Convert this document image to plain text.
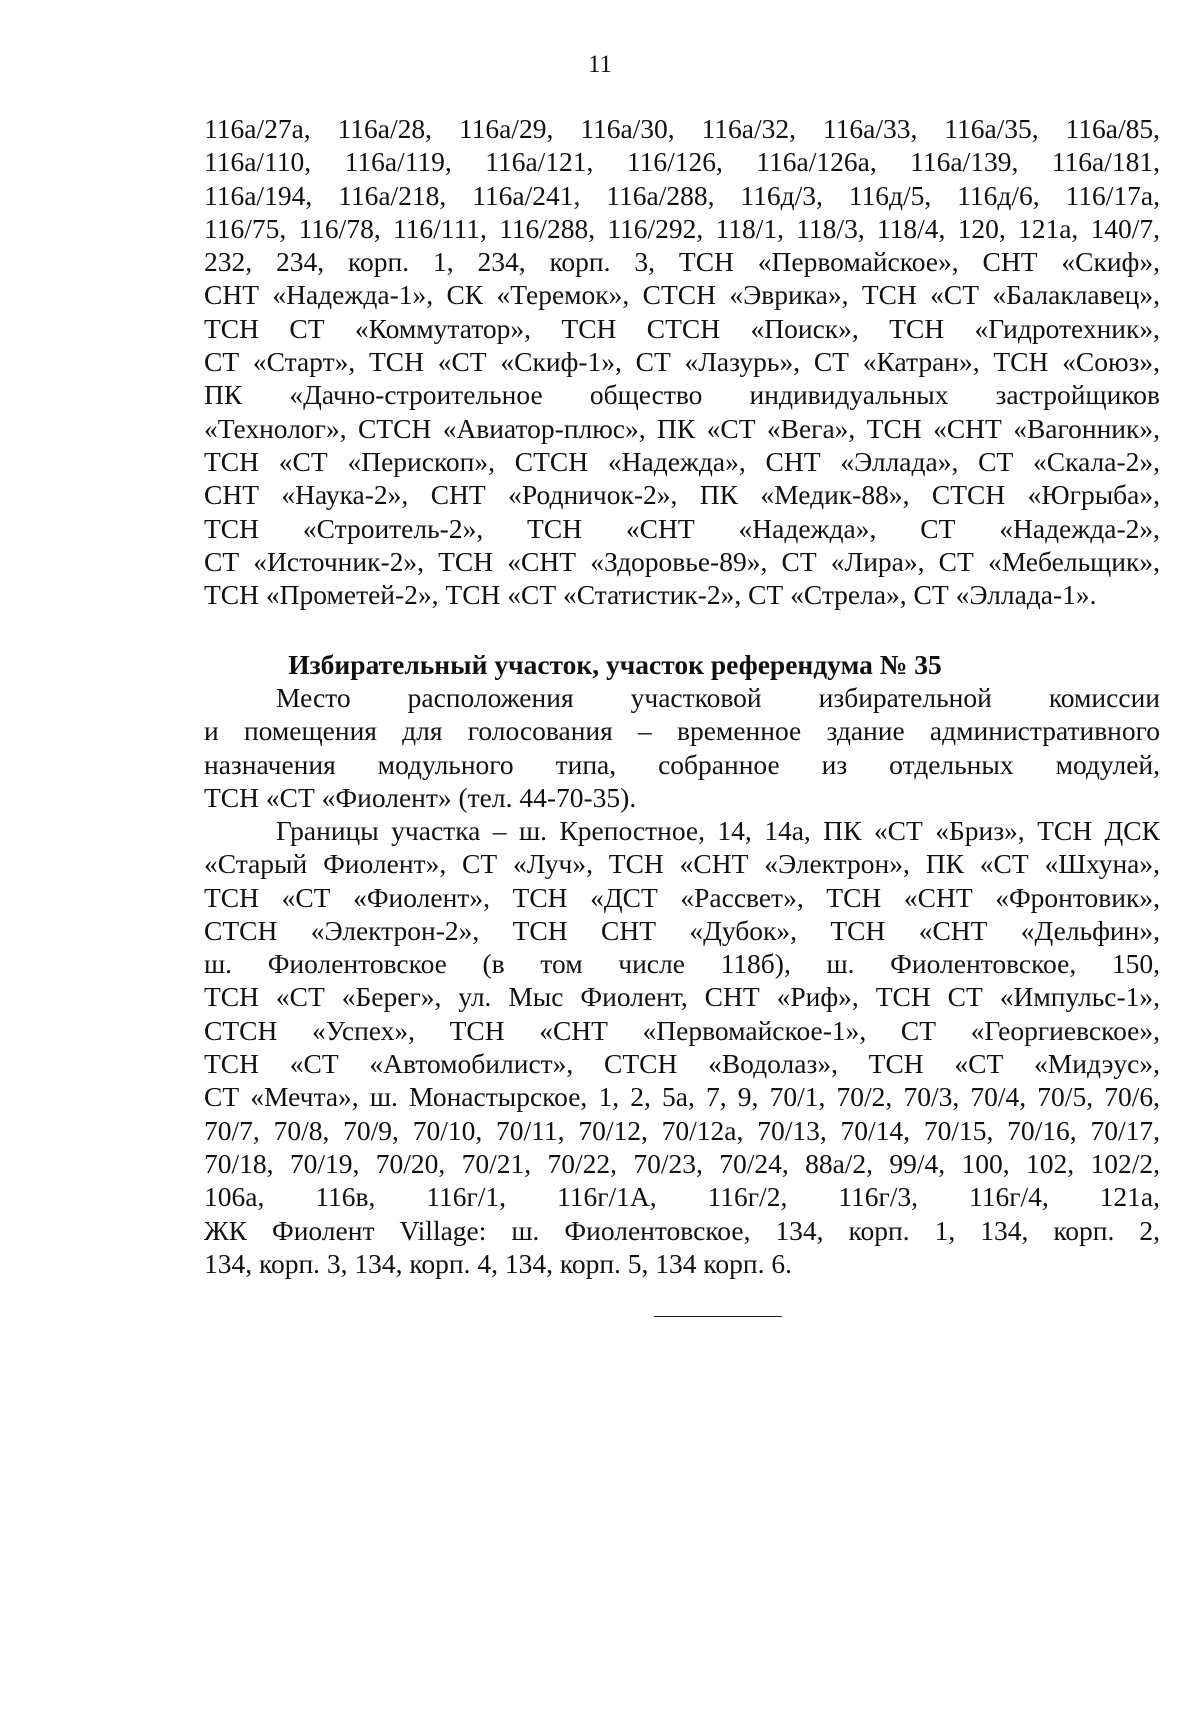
11
116а/27а, 116а/28, 116а/29, 116а/30, 116а/32, 116а/33, 116а/35, 116а/85,
116а/110, 116а/119, 116а/121, 116/126, 116а/126а, 116а/139, 116а/181,
116а/194, 116а/218, 116а/241, 116а/288, 116д/3, 116д/5, 116д/6, 116/17а,
116/75, 116/78, 116/111, 116/288, 116/292, 118/1, 118/3, 118/4, 120, 121а, 140/7,
232, 234, корп. 1, 234, корп. 3, ТСН «Первомайское», СНТ «Скиф»,
СНТ «Надежда-1», СК «Теремок», СТСН «Эврика», ТСН «СТ «Балаклавец»,
ТСН СТ «Коммутатор», ТСН СТСН «Поиск», ТСН «Гидротехник»,
СТ «Старт», ТСН «СТ «Скиф-1», СТ «Лазурь», СТ «Катран», ТСН «Союз»,
ПК «Дачно-строительное общество индивидуальных застройщиков
«Технолог», СТСН «Авиатор-плюс», ПК «СТ «Вега», ТСН «СНТ «Вагонник»,
ТСН «СТ «Перископ», СТСН «Надежда», СНТ «Эллада», СТ «Скала-2»,
СНТ «Наука-2», СНТ «Родничок-2», ПК «Медик-88», СТСН «Югрыба»,
ТСН «Строитель-2», ТСН «СНТ «Надежда», СТ «Надежда-2»,
СТ «Источник-2», ТСН «СНТ «Здоровье-89», СТ «Лира», СТ «Мебельщик»,
ТСН «Прометей-2», ТСН «СТ «Статистик-2», СТ «Стрела», СТ «Эллада-1».
Избирательный участок, участок референдума № 35
Место расположения участковой избирательной комиссии
и помещения для голосования – временное здание административного
назначения модульного типа, собранное из отдельных модулей,
ТСН «СТ «Фиолент» (тел. 44-70-35).
Границы участка – ш. Крепостное, 14, 14а, ПК «СТ «Бриз», ТСН ДСК
«Старый Фиолент», СТ «Луч», ТСН «СНТ «Электрон», ПК «СТ «Шхуна»,
ТСН «СТ «Фиолент», ТСН «ДСТ «Рассвет», ТСН «СНТ «Фронтовик»,
СТСН «Электрон-2», ТСН СНТ «Дубок», ТСН «СНТ «Дельфин»,
ш. Фиолентовское (в том числе 118б), ш. Фиолентовское, 150,
ТСН «СТ «Берег», ул. Мыс Фиолент, СНТ «Риф», ТСН СТ «Импульс-1»,
СТСН «Успех», ТСН «СНТ «Первомайское-1», СТ «Георгиевское»,
ТСН «СТ «Автомобилист», СТСН «Водолаз», ТСН «СТ «Мидэус»,
СТ «Мечта», ш. Монастырское, 1, 2, 5а, 7, 9, 70/1, 70/2, 70/3, 70/4, 70/5, 70/6,
70/7, 70/8, 70/9, 70/10, 70/11, 70/12, 70/12а, 70/13, 70/14, 70/15, 70/16, 70/17,
70/18, 70/19, 70/20, 70/21, 70/22, 70/23, 70/24, 88а/2, 99/4, 100, 102, 102/2,
106а, 116в, 116г/1, 116г/1А, 116г/2, 116г/3, 116г/4, 121а,
ЖК Фиолент Village: ш. Фиолентовское, 134, корп. 1, 134, корп. 2,
134, корп. 3, 134, корп. 4, 134, корп. 5, 134 корп. 6.
